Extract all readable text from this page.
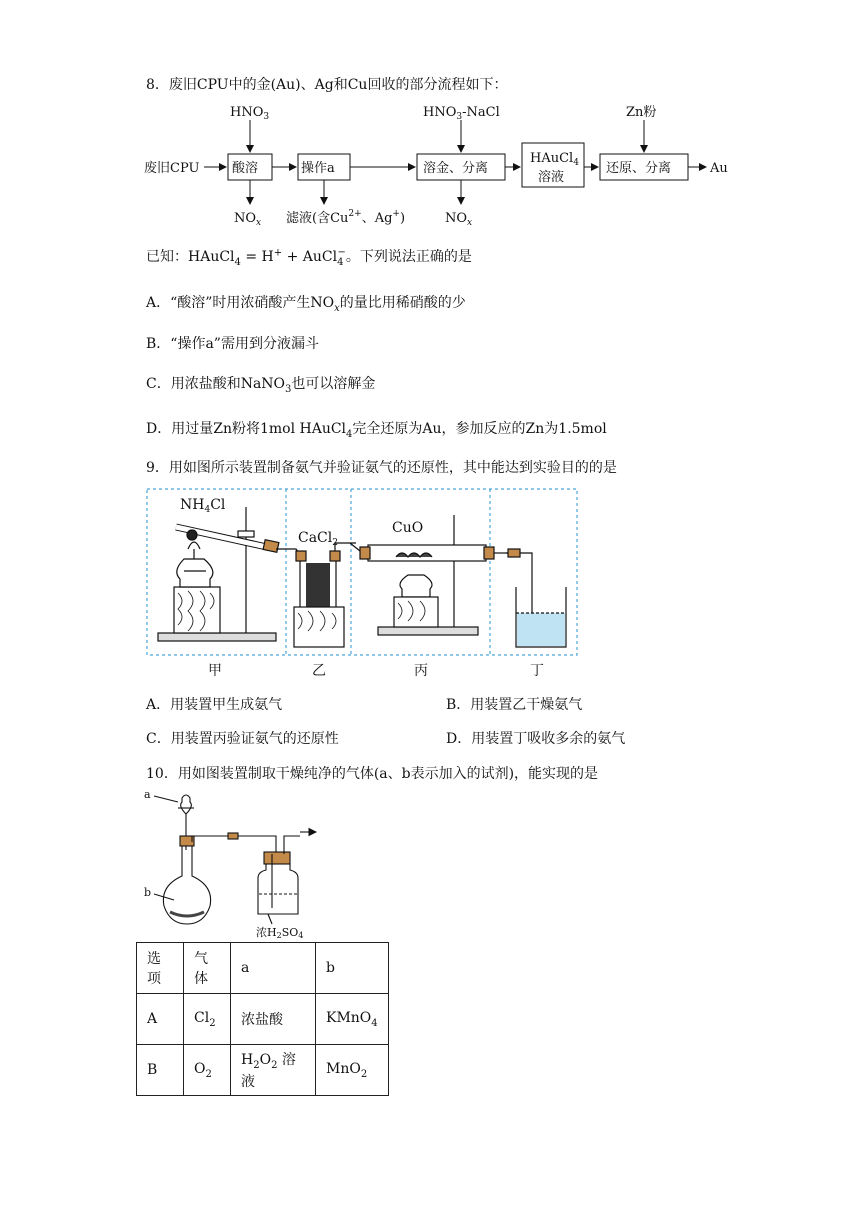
8．废旧CPU中的金(Au)、Ag和Cu回收的部分流程如下：
废旧CPU	酸溶	操作a	溶金、分离	还原、分离	Au
HAuCl$_4$
溶液
$HNO_3$	$HNO_3$-NaCl	Zn粉
$NO_x$ 滤液(含$Cu^{2+}$、Ag+)	$NO_x$
已知：HAuCl$_4$ = H+ + AuCl$_4$−。下列说法正确的是
A．“酸溶”时用浓硝酸产生$NO_x$的量比用稀硝酸的少
B．“操作a”需用到分液漏斗
C．用浓盐酸和NaNO$_3$也可以溶解金
D．用过量Zn粉将1mol HAuCl$_4$完全还原为Au，参加反应的Zn为1.5mol
9．用如图所示装置制备氨气并验证氨气的还原性，其中能达到实验目的的是
$NH_4Cl$
CaCl$_2$
CuO
甲	乙	丙	丁
A．用装置甲生成氨气	B．用装置乙干燥氨气
C．用装置丙验证氨气的还原性	D．用装置丁吸收多余的氨气
10．用如图装置制取干燥纯净的气体(a、b表示加入的试剂)，能实现的是
a
b
浓H2SO4
选项	气体	a	b
A	$Cl_2$	浓盐酸	KMnO$_4$
B	$O_2$	$H_2O_2$ 溶液	MnO$_2$
